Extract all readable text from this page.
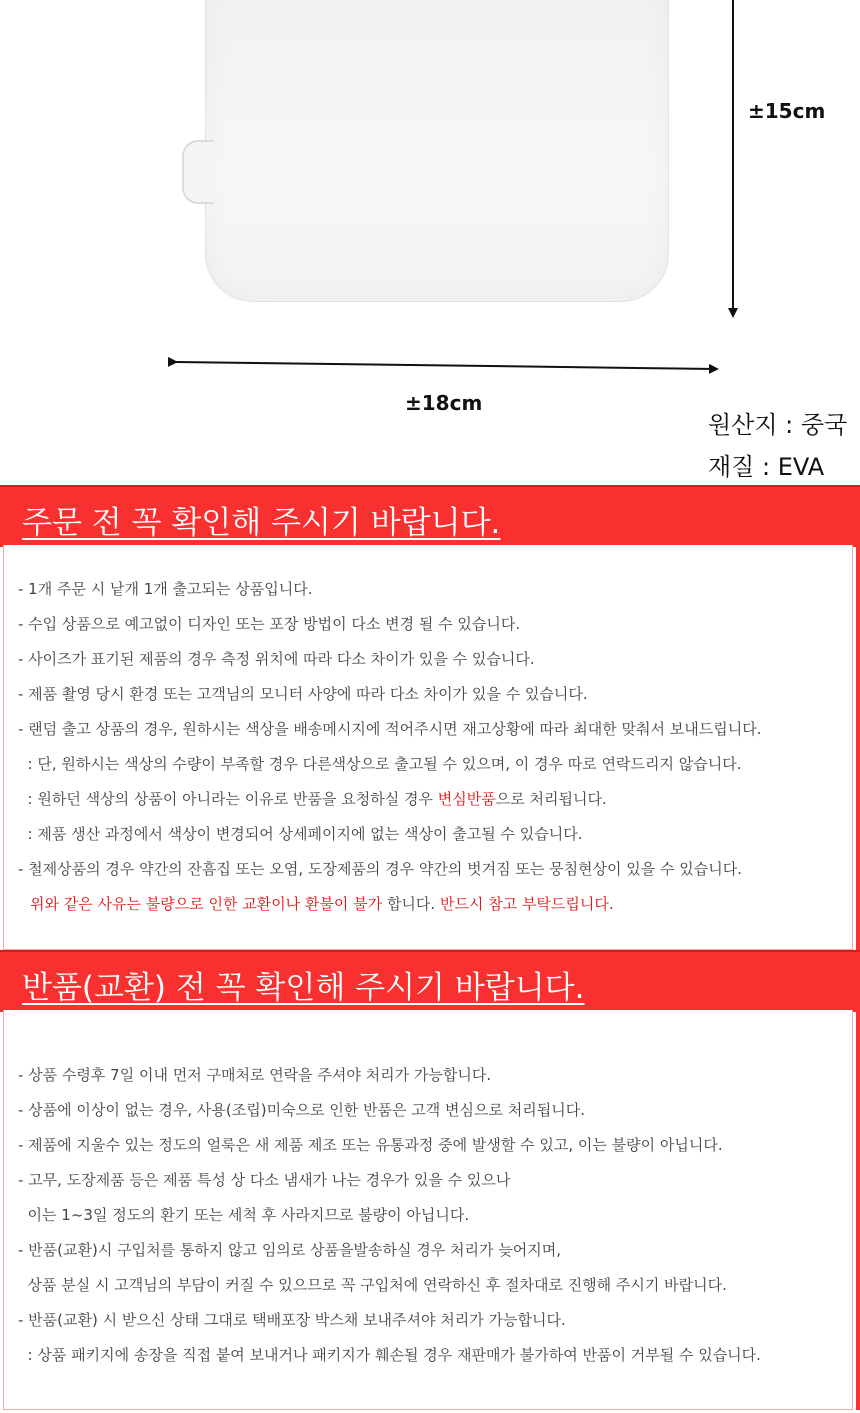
±15cm
±18cm
원산지 : 중국
재질 : EVA
주문 전 꼭 확인해 주시기 바랍니다.
- 1개 주문 시 낱개 1개 출고되는 상품입니다.
- 수입 상품으로 예고없이 디자인 또는 포장 방법이 다소 변경 될 수 있습니다.
- 사이즈가 표기된 제품의 경우 측정 위치에 따라 다소 차이가 있을 수 있습니다.
- 제품 촬영 당시 환경 또는 고객님의 모니터 사양에 따라 다소 차이가 있을 수 있습니다.
- 랜덤 출고 상품의 경우, 원하시는 색상을 배송메시지에 적어주시면 재고상황에 따라 최대한 맞춰서 보내드립니다.
: 단, 원하시는 색상의 수량이 부족할 경우 다른색상으로 출고될 수 있으며, 이 경우 따로 연락드리지 않습니다.
: 원하던 색상의 상품이 아니라는 이유로 반품을 요청하실 경우 변심반품으로 처리됩니다.
: 제품 생산 과정에서 색상이 변경되어 상세페이지에 없는 색상이 출고될 수 있습니다.
- 철제상품의 경우 약간의 잔흠집 또는 오염, 도장제품의 경우 약간의 벗겨짐 또는 뭉침현상이 있을 수 있습니다.
위와 같은 사유는 불량으로 인한 교환이나 환불이 불가 합니다. 반드시 참고 부탁드립니다.
반품(교환) 전 꼭 확인해 주시기 바랍니다.
- 상품 수령후 7일 이내 먼저 구매처로 연락을 주셔야 처리가 가능합니다.
- 상품에 이상이 없는 경우, 사용(조립)미숙으로 인한 반품은 고객 변심으로 처리됩니다.
- 제품에 지울수 있는 정도의 얼룩은 새 제품 제조 또는 유통과정 중에 발생할 수 있고, 이는 불량이 아닙니다.
- 고무, 도장제품 등은 제품 특성 상 다소 냄새가 나는 경우가 있을 수 있으나
이는 1~3일 정도의 환기 또는 세척 후 사라지므로 불량이 아닙니다.
- 반품(교환)시 구입처를 통하지 않고 임의로 상품을발송하실 경우 처리가 늦어지며,
상품 분실 시 고객님의 부담이 커질 수 있으므로 꼭 구입처에 연락하신 후 절차대로 진행해 주시기 바랍니다.
- 반품(교환) 시 받으신 상태 그대로 택배포장 박스채 보내주셔야 처리가 가능합니다.
: 상품 패키지에 송장을 직접 붙여 보내거나 패키지가 훼손될 경우 재판매가 불가하여 반품이 거부될 수 있습니다.
